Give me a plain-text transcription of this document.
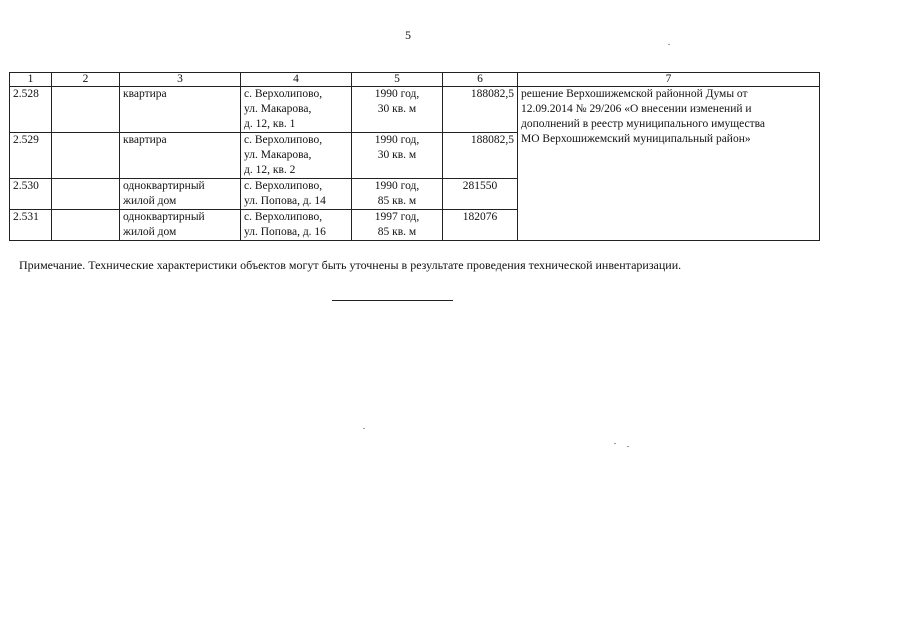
5
1	2	3	4	5	6	7
2.528		квартира	с. Верхолипово,
ул. Макарова,
д. 12, кв. 1	1990 год,
30 кв. м	188082,5	решение Верхошижемской районной Думы от
12.09.2014 № 29/206 «О внесении изменений и
дополнений в реестр муниципального имущества
МО Верхошижемский муниципальный район»

2.529		квартира	с. Верхолипово,
ул. Макарова,
д. 12, кв. 2	1990 год,
30 кв. м	188082,5	
2.530		одноквартирный
жилой дом	с. Верхолипово,
ул. Попова, д. 14	1990 год,
85 кв. м	281550	
2.531		одноквартирный
жилой дом	с. Верхолипово,
ул. Попова, д. 16	1997 год,
85 кв. м	182076	
Примечание. Технические характеристики объектов могут быть уточнены в результате проведения технической инвентаризации.
